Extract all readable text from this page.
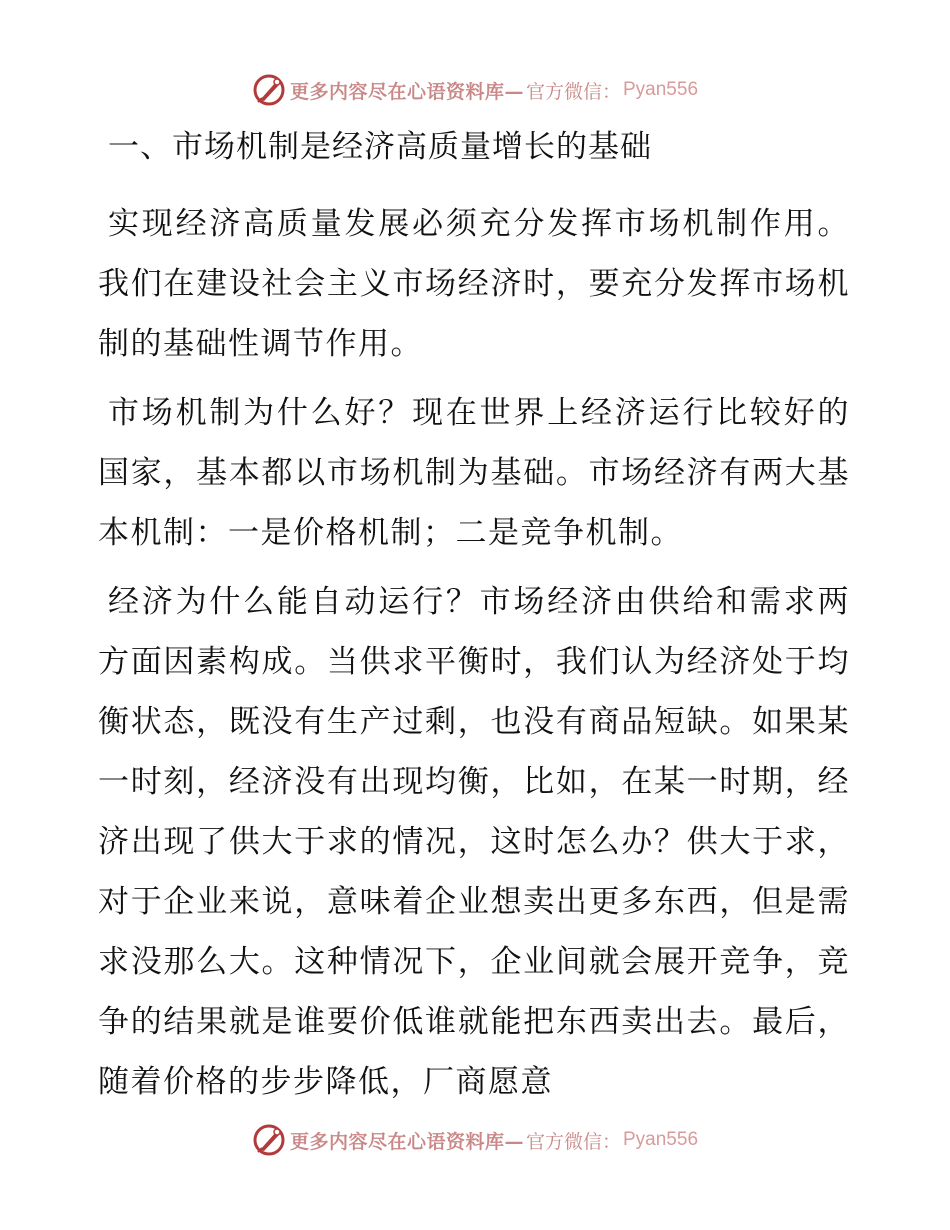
更多内容尽在心语资料库— 官方微信： Pyan556
一、市场机制是经济高质量增长的基础

实现经济高质量发展必须充分发挥市场机制作用。我们在建设社会主义市场经济时，要充分发挥市场机制的基础性调节作用。

市场机制为什么好？现在世界上经济运行比较好的国家，基本都以市场机制为基础。市场经济有两大基本机制：一是价格机制；二是竞争机制。

经济为什么能自动运行？市场经济由供给和需求两方面因素构成。当供求平衡时，我们认为经济处于均衡状态，既没有生产过剩，也没有商品短缺。如果某一时刻，经济没有出现均衡，比如，在某一时期，经济出现了供大于求的情况，这时怎么办？供大于求，对于企业来说，意味着企业想卖出更多东西，但是需求没那么大。这种情况下，企业间就会展开竞争，竞争的结果就是谁要价低谁就能把东西卖出去。最后，随着价格的步步降低，厂商愿意

更多内容尽在心语资料库— 官方微信： Pyan556
